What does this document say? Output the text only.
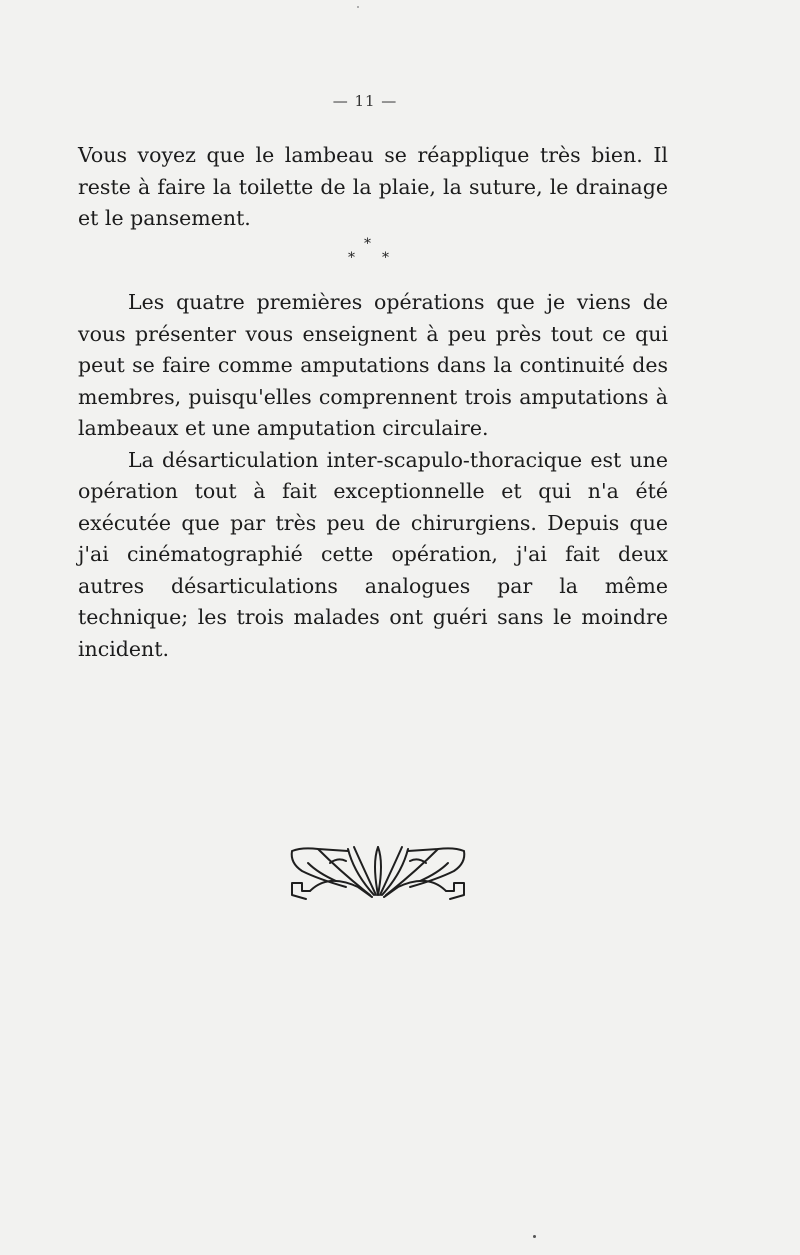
— 11 —

Vous voyez que le lambeau se réapplique très bien. Il reste à faire la toilette de la plaie, la suture, le drainage et le pansement.

*
* *

Les quatre premières opérations que je viens de vous présenter vous enseignent à peu près tout ce qui peut se faire comme amputations dans la continuité des membres, puisqu'elles comprennent trois amputations à lambeaux et une amputation circulaire.

La désarticulation inter-scapulo-thoracique est une opération tout à fait exceptionnelle et qui n'a été exécutée que par très peu de chirurgiens. Depuis que j'ai cinématographié cette opération, j'ai fait deux autres désarticulations analogues par la même technique; les trois malades ont guéri sans le moindre incident.
